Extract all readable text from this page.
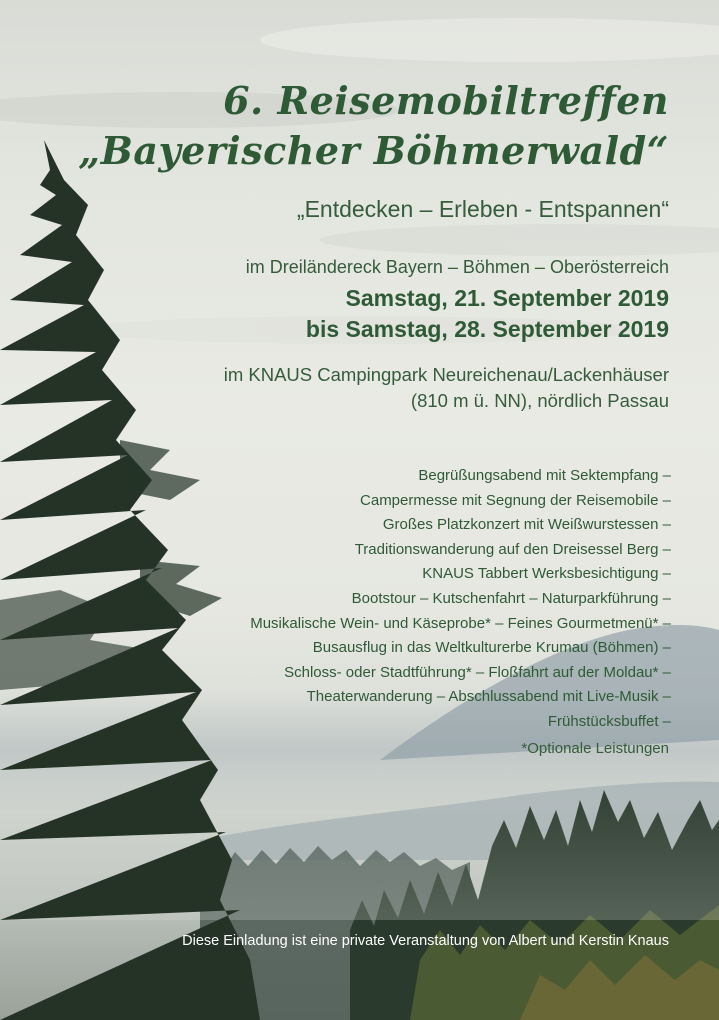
6. Reisemobiltreffen
„Bayerischer Böhmerwald“
„Entdecken – Erleben - Entspannen“
im Dreiländereck Bayern – Böhmen – Oberösterreich
Samstag, 21. September 2019
bis Samstag, 28. September 2019
im KNAUS Campingpark Neureichenau/Lackenhäuser
(810 m ü. NN), nördlich Passau
Begrüßungsabend mit Sektempfang –
Campermesse mit Segnung der Reisemobile –
Großes Platzkonzert mit Weißwurstessen –
Traditionswanderung auf den Dreisessel Berg –
KNAUS Tabbert Werksbesichtigung –
Bootstour – Kutschenfahrt – Naturparkführung –
Musikalische Wein- und Käseprobe* – Feines Gourmetmenü* –
Busausflug in das Weltkulturerbe Krumau (Böhmen) –
Schloss- oder Stadtführung* – Floßfahrt auf der Moldau* –
Theaterwanderung – Abschlussabend mit Live-Musik –
Frühstücksbuffet –
*Optionale Leistungen
Diese Einladung ist eine private Veranstaltung von Albert und Kerstin Knaus
